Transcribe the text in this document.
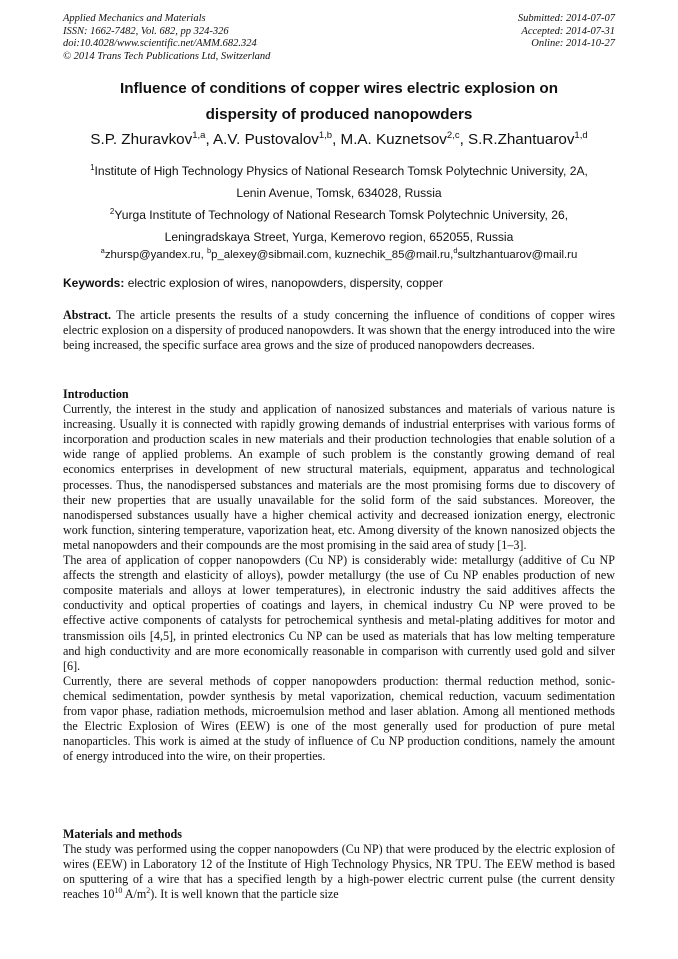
Applied Mechanics and Materials
ISSN: 1662-7482, Vol. 682, pp 324-326
doi:10.4028/www.scientific.net/AMM.682.324
© 2014 Trans Tech Publications Ltd, Switzerland
Submitted: 2014-07-07
Accepted: 2014-07-31
Online: 2014-10-27
Influence of conditions of copper wires electric explosion on
dispersity of produced nanopowders
S.P. Zhuravkov$^{1,a}$, A.V. Pustovalov$^{1,b}$, M.A. Kuznetsov$^{2,c}$, S.R.Zhantuarov$^{1,d}$
$^1$Institute of High Technology Physics of National Research Tomsk Polytechnic University, 2A,
Lenin Avenue, Tomsk, 634028, Russia
$^2$Yurga Institute of Technology of National Research Tomsk Polytechnic University, 26,
Leningradskaya Street, Yurga, Kemerovo region, 652055, Russia
$^a$zhursp@yandex.ru, $^b$p_alexey@sibmail.com, kuznechik_85@mail.ru,$^d$sultzhantuarov@mail.ru
Keywords: electric explosion of wires, nanopowders, dispersity, copper

Abstract. The article presents the results of a study concerning the influence of conditions of copper wires electric explosion on a dispersity of produced nanopowders. It was shown that the energy introduced into the wire being increased, the specific surface area grows and the size of produced nanopowders decreases.

Introduction

Currently, the interest in the study and application of nanosized substances and materials of various nature is increasing. Usually it is connected with rapidly growing demands of industrial enterprises with various forms of incorporation and production scales in new materials and their production technologies that enable solution of a wide range of applied problems. An example of such problem is the constantly growing demand of real economics enterprises in development of new structural materials, equipment, apparatus and technological processes. Thus, the nanodispersed substances and materials are the most promising forms due to discovery of their new properties that are usually unavailable for the solid form of the said substances. Moreover, the nanodispersed substances usually have a higher chemical activity and decreased ionization energy, electronic work function, sintering temperature, vaporization heat, etc. Among diversity of the known nanosized objects the metal nanopowders and their compounds are the most promising in the said area of study [1–3].

The area of application of copper nanopowders (Cu NP) is considerably wide: metallurgy (additive of Cu NP affects the strength and elasticity of alloys), powder metallurgy (the use of Cu NP enables production of new composite materials and alloys at lower temperatures), in electronic industry the said additives affects the conductivity and optical properties of coatings and layers, in chemical industry Cu NP were proved to be effective active components of catalysts for petrochemical synthesis and metal-plating additives for motor and transmission oils [4,5], in printed electronics Cu NP can be used as materials that has low melting temperature and high conductivity and are more economically reasonable in comparison with currently used gold and silver [6].

Currently, there are several methods of copper nanopowders production: thermal reduction method, sonic-chemical sedimentation, powder synthesis by metal vaporization, chemical reduction, vacuum sedimentation from vapor phase, radiation methods, microemulsion method and laser ablation. Among all mentioned methods the Electric Explosion of Wires (EEW) is one of the most generally used for production of pure metal nanoparticles. This work is aimed at the study of influence of Cu NP production conditions, namely the amount of energy introduced into the wire, on their properties.

Materials and methods

The study was performed using the copper nanopowders (Cu NP) that were produced by the electric explosion of wires (EEW) in Laboratory 12 of the Institute of High Technology Physics, NR TPU. The EEW method is based on sputtering of a wire that has a specified length by a high-power electric current pulse (the current density reaches $10^{10}$ $A/m^2$). It is well known that the particle size
